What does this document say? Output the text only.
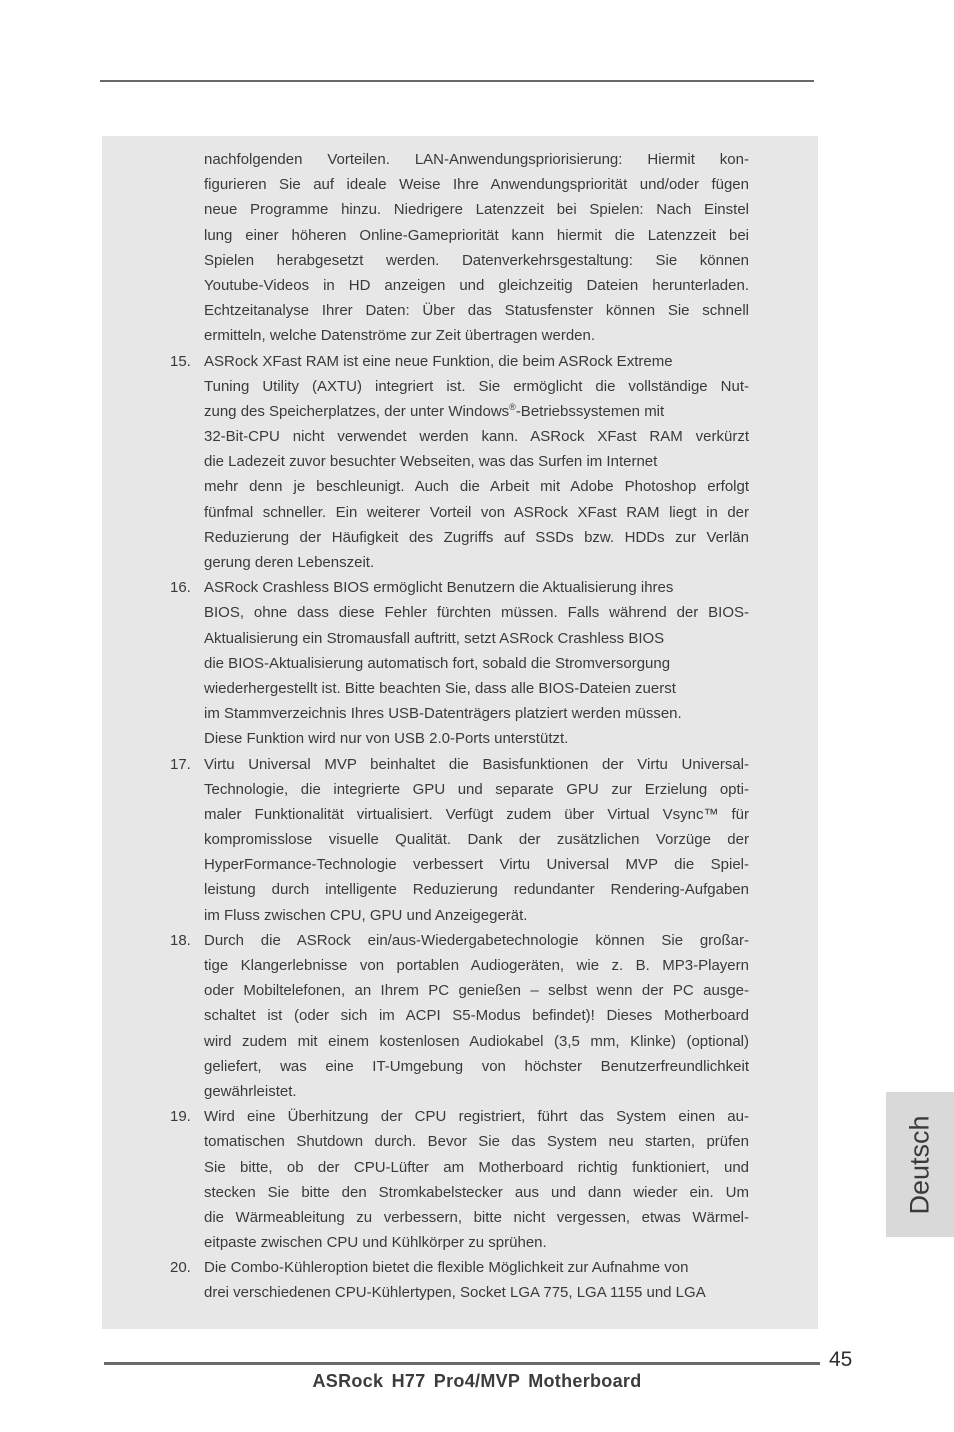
nachfolgenden Vorteilen. LAN-Anwendungspriorisierung: Hiermit kon-
figurieren Sie auf ideale Weise Ihre Anwendungspriorität und/oder fügen
neue Programme hinzu. Niedrigere Latenzzeit bei Spielen: Nach Einstel
lung einer höheren Online-Gamepriorität kann hiermit die Latenzzeit bei
Spielen herabgesetzt werden. Datenverkehrsgestaltung: Sie können
Youtube-Videos in HD anzeigen und gleichzeitig Dateien herunterladen.
Echtzeitanalyse Ihrer Daten: Über das Statusfenster können Sie schnell
ermitteln, welche Datenströme zur Zeit übertragen werden.
15. ASRock XFast RAM ist eine neue Funktion, die beim ASRock Extreme
Tuning Utility (AXTU) integriert ist. Sie ermöglicht die vollständige Nut-
zung des Speicherplatzes, der unter Windows®-Betriebssystemen mit
32-Bit-CPU nicht verwendet werden kann. ASRock XFast RAM verkürzt
die Ladezeit zuvor besuchter Webseiten, was das Surfen im Internet
mehr denn je beschleunigt. Auch die Arbeit mit Adobe Photoshop erfolgt
fünfmal schneller. Ein weiterer Vorteil von ASRock XFast RAM liegt in der
Reduzierung der Häufigkeit des Zugriffs auf SSDs bzw. HDDs zur Verlän
gerung deren Lebenszeit.
16. ASRock Crashless BIOS ermöglicht Benutzern die Aktualisierung ihres
BIOS, ohne dass diese Fehler fürchten müssen. Falls während der BIOS-
Aktualisierung ein Stromausfall auftritt, setzt ASRock Crashless BIOS
die BIOS-Aktualisierung automatisch fort, sobald die Stromversorgung
wiederhergestellt ist. Bitte beachten Sie, dass alle BIOS-Dateien zuerst
im Stammverzeichnis Ihres USB-Datenträgers platziert werden müssen.
Diese Funktion wird nur von USB 2.0-Ports unterstützt.
17. Virtu Universal MVP beinhaltet die Basisfunktionen der Virtu Universal-
Technologie, die integrierte GPU und separate GPU zur Erzielung opti-
maler Funktionalität virtualisiert. Verfügt zudem über Virtual Vsync™ für
kompromisslose visuelle Qualität. Dank der zusätzlichen Vorzüge der
HyperFormance-Technologie verbessert Virtu Universal MVP die Spiel-
leistung durch intelligente Reduzierung redundanter Rendering-Aufgaben
im Fluss zwischen CPU, GPU und Anzeigegerät.
18. Durch die ASRock ein/aus-Wiedergabetechnologie können Sie großar-
tige Klangerlebnisse von portablen Audiogeräten, wie z. B. MP3-Playern
oder Mobiltelefonen, an Ihrem PC genießen – selbst wenn der PC ausge-
schaltet ist (oder sich im ACPI S5-Modus befindet)! Dieses Motherboard
wird zudem mit einem kostenlosen Audiokabel (3,5 mm, Klinke) (optional)
geliefert, was eine IT-Umgebung von höchster Benutzerfreundlichkeit
gewährleistet.
19. Wird eine Überhitzung der CPU registriert, führt das System einen au-
tomatischen Shutdown durch. Bevor Sie das System neu starten, prüfen
Sie bitte, ob der CPU-Lüfter am Motherboard richtig funktioniert, und
stecken Sie bitte den Stromkabelstecker aus und dann wieder ein. Um
die Wärmeableitung zu verbessern, bitte nicht vergessen, etwas Wärmel-
eitpaste zwischen CPU und Kühlkörper zu sprühen.
20. Die Combo-Kühleroption bietet die flexible Möglichkeit zur Aufnahme von
drei verschiedenen CPU-Kühlertypen, Socket LGA 775, LGA 1155 und LGA
Deutsch
45
ASRock H77 Pro4/MVP Motherboard
